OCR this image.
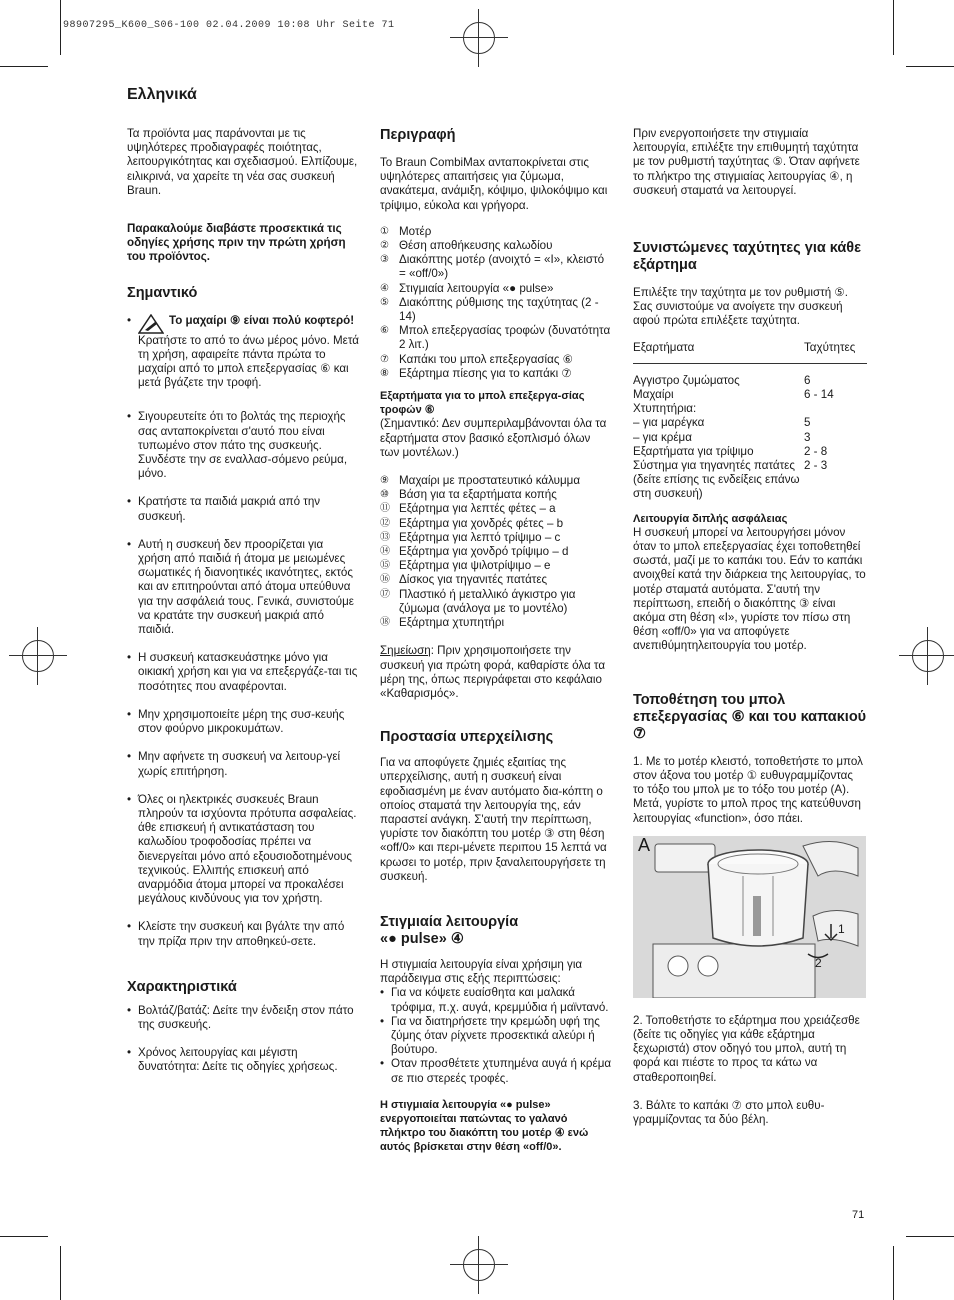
98907295_K600_S06-100 02.04.2009 10:08 Uhr Seite 71
Ελληνικά

Τα προϊόντα μας παράνονται με τις υψηλότερες προδιαγραφές ποιότητας, λειτουργικότητας και σχεδιασμού. Ελπίζουμε, ειλικρινά, να χαρείτε τη νέα σας συσκευή Braun.

Παρακαλούμε διαβάστε προσεκτικά τις οδηγίες χρήσης πριν την πρώτη χρήση του προϊόντος.

Σημαντικό
•	Το μαχαίρι ⑨ είναι πολύ κοφτερό!

Κρατήστε το από το άνω μέρος μόνο. Μετά τη χρήση, αφαιρείτε πάντα πρώτα το μαχαίρι από το μπολ επεξεργασίας ⑥ και μετά βγάζετε την τροφή.

• Σιγουρευτείτε ότι το βολτάς της περιοχής σας ανταποκρίνεται σ'αυτό που είναι τυπωμένο στον πάτο της συσκευής. Συνδέστε την σε εναλλασ-σόμενο ρεύμα, μόνο.
• Κρατήστε τα παιδιά μακριά από την συσκευή.
• Αυτή η συσκευή δεν προορίζεται για χρήση από παιδιά ή άτομα με μειωμένες σωματικές ή διανοητικές ικανότητες, εκτός και αν επιτηρούνται από άτομα υπεύθυνα για την ασφάλειά τους. Γενικά, συνιστούμε να κρατάτε την συσκευή μακριά από παιδιά.
• Η συσκευή κατασκευάστηκε μόνο για οικιακή χρήση και για να επεξεργάζε-ται τις ποσότητες που αναφέρονται.
• Μην χρησιμοποιείτε μέρη της συσ-κευής στον φούρνο μικροκυμάτων.
• Μην αφήνετε τη συσκευή να λειτουρ-γεί χωρίς επιτήρηση.
• Όλες οι ηλεκτρικές συσκευές Braun πληρούν τα ισχύοντα πρότυπα ασφαλείας. άθε επισκευή ή αντικατάσταση του καλωδίου τροφοδοσίας πρέπει να διενεργείται μόνο από εξουσιοδοτημένους τεχνικούς. Ελλιπής επισκευή από αναρμόδια άτομα μπορεί να προκαλέσει μεγάλους κινδύνους για τον χρήστη.
• Κλείστε την συσκευή και βγάλτε την από την πρίζα πριν την αποθηκεύ-σετε.
Χαρακτηριστικά
• Βολτάζ/βατάζ: Δείτε την ένδειξη στον πάτο της συσκευής.
• Χρόνος λειτουργίας και μέγιστη δυνατότητα: Δείτε τις οδηγίες χρήσεως.
Περιγραφή

Το Braun CombiMax ανταποκρίνεται στις υψηλότερες απαιτήσεις για ζύμωμα, ανακάτεμα, ανάμιξη, κόψιμο, ψιλοκόψιμο και τρίψιμο, εύκολα και γρήγορα.

① Μοτέρ
② Θέση αποθήκευσης καλωδίου
③ Διακόπτης μοτέρ (ανοιχτό = «I», κλειστό = «off/0»)
④ Στιγμιαία λειτουργία «● pulse»
⑤ Διακόπτης ρύθμισης της ταχύτητας (2 - 14)
⑥ Μπολ επεξεργασίας τροφών (δυνατότητα 2 λιτ.)
⑦ Καπάκι του μπολ επεξεργασίας ⑥
⑧ Εξάρτημα πίεσης για το καπάκι ⑦

Εξαρτήματα για το μπολ επεξεργα-σίας τροφών ⑥

(Σημαντικό: Δεν συμπεριλαμβάνονται όλα τα εξαρτήματα στον βασικό εξοπλισμό όλων των μοντέλων.)

⑨ Μαχαίρι με προστατευτικό κάλυμμα
⑩ Βάση για τα εξαρτήματα κοπής
⑪ Εξάρτημα για λεπτές φέτες – a
⑫ Εξάρτημα για χονδρές φέτες – b
⑬ Εξάρτημα για λεπτό τρίψιμο – c
⑭ Εξάρτημα για χονδρό τρίψιμο – d
⑮ Εξάρτημα για ψιλοτρίψιμο – e
⑯ Δίσκος για τηγανιτές πατάτες
⑰ Πλαστικό ή μεταλλικό άγκιστρο για ζύμωμα (ανάλογα με το μοντέλο)
⑱ Εξάρτημα χτυπητήρι

Σημείωση: Πριν χρησιμοποιήσετε την συσκευή για πρώτη φορά, καθαρίστε όλα τα μέρη της, όπως περιγράφεται στο κεφάλαιο «Καθαρισμός».

Προστασία υπερχείλισης

Για να αποφύγετε ζημιές εξαιτίας της υπερχείλισης, αυτή η συσκευή είναι εφοδιασμένη με έναν αυτόματο δια-κόπτη ο οποίος σταματά την λειτουργία της, εάν παραστεί ανάγκη. Σ'αυτή την περίπτωση, γυρίστε τον διακόπτη του μοτέρ ③ στη θέση «off/0» και περι-μένετε περιπου 15 λεπτά να κρωσει το μοτέρ, πριν ξαναλειτουργήσετε τη συσκευή.

Στιγμιαία λειτουργία «● pulse» ④

Η στιγμιαία λειτουργία είναι χρήσιμη για παράδειγμα στις εξής περιπτώσεις:

• Για να κόψετε ευαίσθητα και μαλακά τρόφιμα, π.χ. αυγά, κρεμμύδια ή μαϊντανό.
• Για να διατηρήσετε την κρεμώδη υφή της ζύμης όταν ρίχνετε προσεκτικά αλεύρι ή βούτυρο.
• Οταν προσθέτετε χτυπημένα αυγά ή κρέμα σε πιο στερεές τροφές.

Η στιγμιαία λειτουργία «● pulse» ενεργοποιείται πατώντας το γαλανό πλήκτρο του διακόπτη του μοτέρ ④ ενώ αυτός βρίσκεται στην θέση «off/0».

Πριν ενεργοποιήσετε την στιγμιαία λειτουργία, επιλέξτε την επιθυμητή ταχύτητα με τον ρυθμιστή ταχύτητας ⑤. Όταν αφήνετε το πλήκτρο της στιγμιαίας λειτουργίας ④, η συσκευή σταματά να λειτουργεί.

Συνιστώμενες ταχύτητες για κάθε εξάρτημα

Επιλέξτε την ταχύτητα με τον ρυθμιστή ⑤. Σας συνιστούμε να ανοίγετε την συσκευή αφού πρώτα επιλέξετε ταχύτητα.

Εξαρτήματα	Ταχύτητες
Αγγιστρο ζυμώματος	6
Μαχαίρι	6 - 14
Χτυπητήρια:
– για μαρέγκα	5
– για κρέμα	3
Εξαρτήματα για τρίψιμο	2 - 8
Σύστημα για τηγανητές πατάτες 2 - 3
(δείτε επίσης τις ενδείξεις επάνω στη συσκευή)

Λειτουργία διπλής ασφάλειας

Η συσκευή μπορεί να λειτουργήσει μόνον όταν το μπολ επεξεργασίας έχει τοποθετηθεί σωστά, μαζί με το καπάκι του. Εάν το καπάκι ανοιχθεί κατά την διάρκεια της λειτουργίας, το μοτέρ σταματά αυτόματα. Σ'αυτή την περίπτωση, επειδή ο διακόπτης ③ είναι ακόμα στη θέση «I», γυρίστε τον πίσω στη θέση «off/0» για να αποφύγετε ανεπιθύμητηλειτουργία του μοτέρ.

Τοποθέτηση του μπολ επεξεργασίας ⑥ και του καπακιού ⑦

1. Με το μοτέρ κλειστό, τοποθετήστε το μπολ στον άξονα του μοτέρ ① ευθυγραμμίζοντας το τόξο του μπολ με το τόξο του μοτέρ (A). Μετά, γυρίστε το μπολ προς της κατεύθυνση λειτουργίας «function», όσο πάει.

A
1
2

2. Τοποθετήστε το εξάρτημα που χρειάζεσθε (δείτε τις οδηγίες για κάθε εξάρτημα ξεχωριστά) στον οδηγό του μπολ, αυτή τη φορά και πιέστε το προς τα κάτω να σταθεροποιηθεί.

3. Βάλτε το καπάκι ⑦ στο μπολ ευθυ-γραμμίζοντας τα δύο βέλη.

71
